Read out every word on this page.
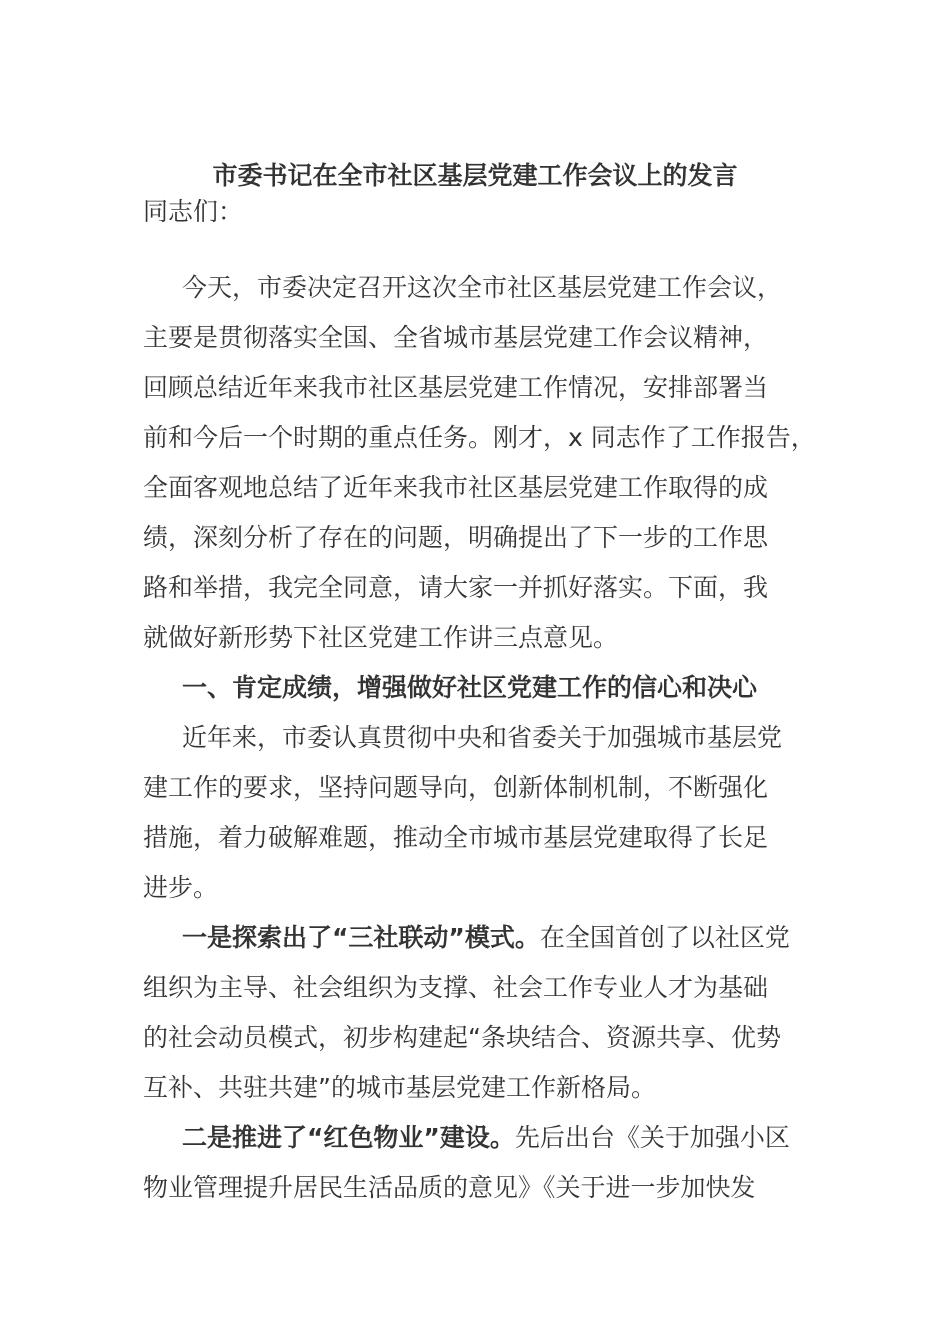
市委书记在全市社区基层党建工作会议上的发言
同志们：
今天，市委决定召开这次全市社区基层党建工作会议，
主要是贯彻落实全国、全省城市基层党建工作会议精神，
回顾总结近年来我市社区基层党建工作情况，安排部署当
前和今后一个时期的重点任务。刚才，x 同志作了工作报告，
全面客观地总结了近年来我市社区基层党建工作取得的成
绩，深刻分析了存在的问题，明确提出了下一步的工作思
路和举措，我完全同意，请大家一并抓好落实。下面，我
就做好新形势下社区党建工作讲三点意见。
一、肯定成绩，增强做好社区党建工作的信心和决心
近年来，市委认真贯彻中央和省委关于加强城市基层党
建工作的要求，坚持问题导向，创新体制机制，不断强化
措施，着力破解难题，推动全市城市基层党建取得了长足
进步。
一是探索出了“三社联动”模式。在全国首创了以社区党
组织为主导、社会组织为支撑、社会工作专业人才为基础
的社会动员模式，初步构建起“条块结合、资源共享、优势
互补、共驻共建”的城市基层党建工作新格局。
二是推进了“红色物业”建设。先后出台《关于加强小区
物业管理提升居民生活品质的意见》《关于进一步加快发
